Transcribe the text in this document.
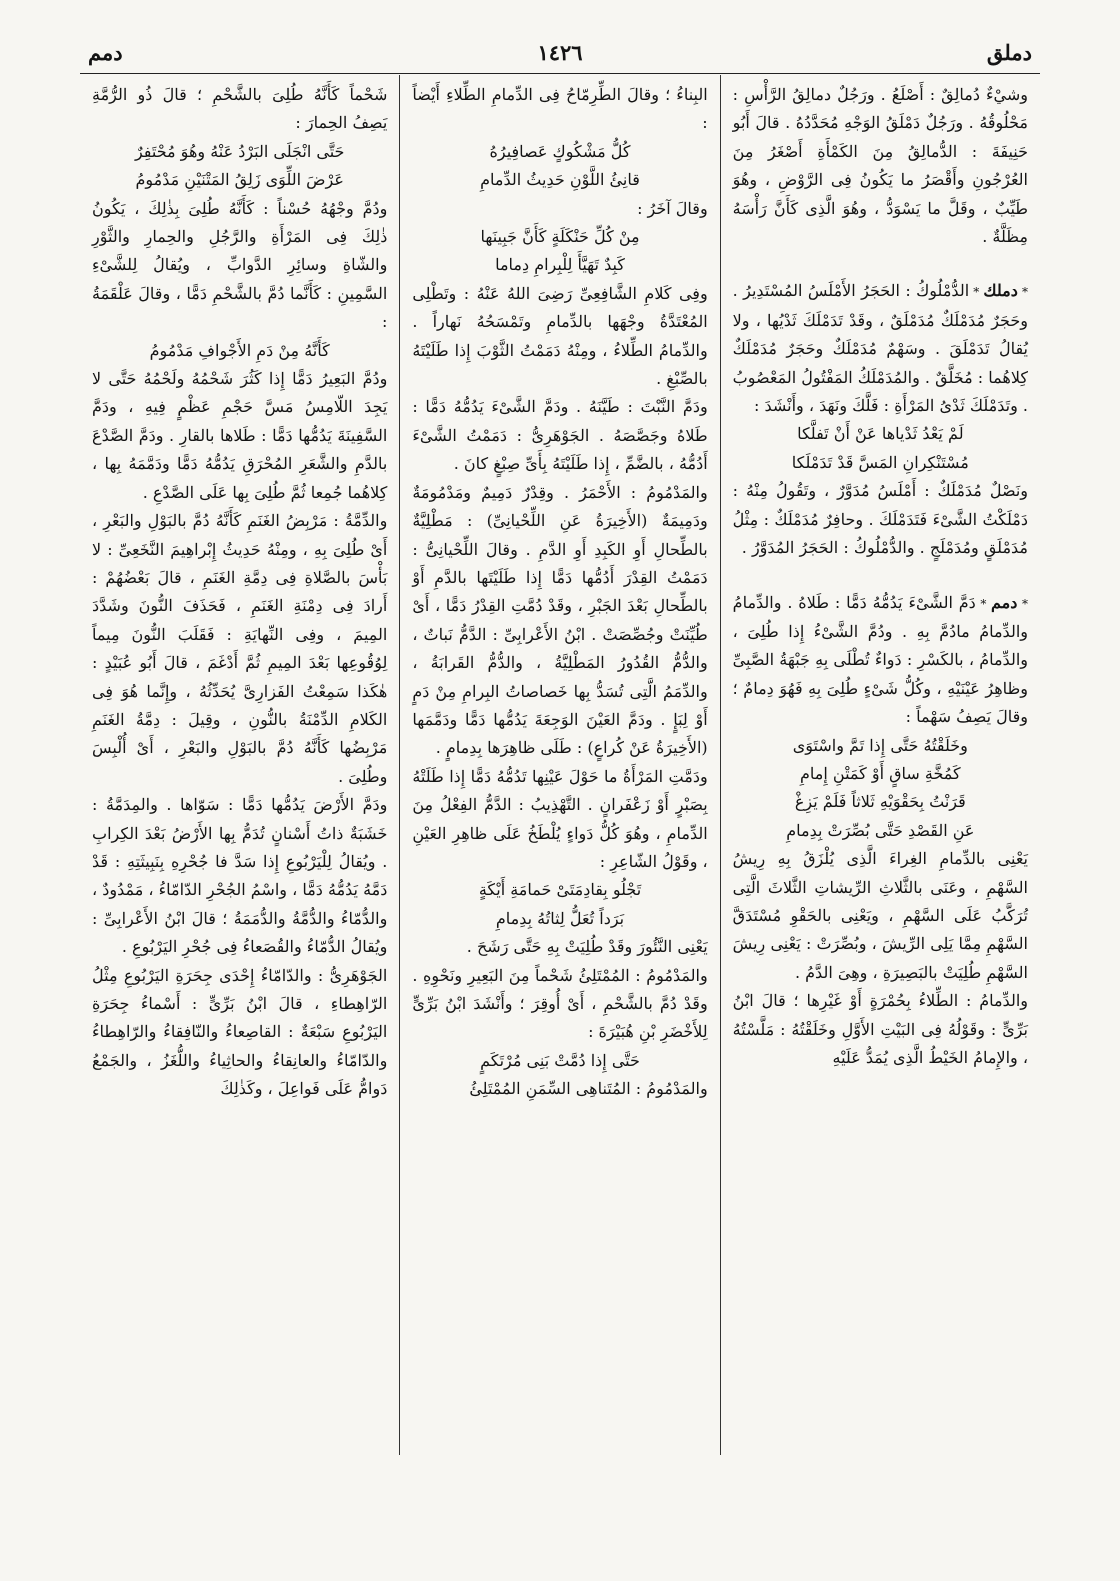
دملق
١٤٢٦
دمم

وشيْءٌ دُمالِقٌ : أَصْلَعُ . ورَجُلٌ دمالِقُ الرَّأْسِ : مَحْلُوقُهُ . ورَجُلٌ دَمْلَقُ الوَجْهِ مُحَدَّدُهُ . قالَ أَبُو حَنِيفَةَ : الدُّمالِقُ مِنَ الكَمْأَةِ أَصْغَرُ مِنَ العُرْجُونِ وأَقْصَرُ ما يَكُونُ فِى الرَّوْضِ ، وهُوَ طَيِّبٌ ، وقَلَّ ما يَسْوَدُّ ، وهُوَ الَّذِى كَأَنَّ رَأْسَهُ مِظَلَّةٌ .

* دملك * الدُّمْلُوكُ : الحَجَرُ الأَمْلَسُ المُسْتَدِيرُ . وحَجَرٌ مُدَمْلَكٌ مُدَمْلَقٌ ، وقَدْ تَدَمْلَكَ ثَدْيُها ، ولا يُقالُ تَدَمْلَقَ . وسَهْمٌ مُدَمْلَكٌ وحَجَرٌ مُدَمْلَكٌ كِلاهُما : مُخَلَّقٌ . والمُدَمْلَكُ المَفْتُولُ المَعْصُوبُ . وتَدَمْلَكَ ثَدْىُ المَرْأَةِ : فَلَّكَ ونَهَدَ ، وأَنْشَدَ :

لَمْ يَعْدُ ثَدْياها عَنْ أَنْ تَفلَّكا

مُسْتَنْكِرانِ المَسَّ قَدْ تَدَمْلَكا

ونَصْلٌ مُدَمْلَكٌ : أَمْلَسُ مُدَوَّرٌ ، وتَقُولُ مِنْهُ : دَمْلَكْتُ الشَّىْءَ فَتَدَمْلَكَ . وحافِرٌ مُدَمْلَكٌ : مِثْلُ مُدَمْلَقٍ ومُدَمْلَجٍ . والدُّمْلُوكُ : الحَجَرُ المُدَوَّرُ .

* دمم * دَمَّ الشَّىْءَ يَدُمُّهُ دَمًّا : طَلاهُ . والدِّمامُ والدِّمامُ مادُمَّ بِهِ . ودُمَّ الشَّىْءُ إِذا طُلِىَ ، والدِّمامُ ، بالكَسْرِ : دَواءٌ تُطْلَى بِهِ جَبْهَةُ الصَّبِىِّ وظاهِرُ عَيْنَيْهِ ، وكُلُّ شَىْءٍ طُلِىَ بِهِ فَهُوَ دِمامٌ ؛ وقالَ يَصِفُ سَهْماً :

وخَلَقْتُهُ حَتَّى إِذا تَمَّ واسْتَوَى

كَمُخَّةِ ساقٍ أَوْ كَمَتْنِ إِمامِ

قَرَنْتُ بِحَقْوَيْهِ ثَلاثاً فَلَمْ يَزِغْ

عَنِ القَصْدِ حَتَّى بُصِّرَتْ بِدِمامِ

يَعْنِى بالدِّمامِ الغِراءَ الَّذِى يُلْزَقُ بِهِ رِيشُ السَّهْمِ ، وعَنَى بالثَّلاثِ الرِّيشاتِ الثَّلاثَ الَّتِى تُرَكَّبُ عَلَى السَّهْمِ ، ويَعْنِى بالحَقْوِ مُسْتَدَقَّ السَّهْمِ مِمَّا يَلِى الرِّيشَ ، وبُصِّرَتْ : يَعْنِى رِيشَ السَّهْمِ طُلِيَتْ بالبَصِيرَةِ ، وهِىَ الدَّمُ .

والدِّمامُ : الطِّلاءُ بِحُمْرَةٍ أَوْ غَيْرِها ؛ قالَ ابْنُ بَرِّىٍّ : وقَوْلُهُ فِى البَيْتِ الأَوَّلِ وخَلَقْتُهُ : مَلَّسْتُهُ ، والإِمامُ الخَيْطُ الَّذِى يُمَدُّ عَلَيْهِ

البِناءُ ؛ وقالَ الطِّرِمّاحُ فِى الدِّمامِ الطِّلاءِ أَيْضاً :

كُلُّ مَشْكُوكٍ عَصافِيرُهُ

قانِئُ اللَّوْنِ حَدِيثُ الدِّمامِ

وقالَ آخَرُ :

مِنْ كُلِّ حَنْكَلَةٍ كَأَنَّ جَبِينَها

كَبِدٌ تَهَيَّأَ لِلْبِرامِ دِماما

وفِى كَلامِ الشَّافِعِىِّ رَضِىَ اللهُ عَنْهُ : وتَطْلِى المُعْتَدَّةُ وجْهَها بالدِّمامِ وتَمْسَحُهُ نَهاراً . والدِّمامُ الطِّلاءُ ، ومِنْهُ دَمَمْتُ الثَّوْبَ إِذا طَلَيْتَهُ بالصِّبْغِ .

ودَمَّ النَّبْتَ : طَيَّنَهُ . ودَمَّ الشَّىْءَ يَدُمُّهُ دَمًّا : طَلاهُ وجَصَّصَهُ . الجَوْهَرِىُّ : دَمَمْتُ الشَّىْءَ أَدُمُّهُ ، بالضَّمِّ ، إِذا طَلَيْتَهُ بِأَىِّ صِبْغٍ كانَ .

والمَدْمُومُ : الأَحْمَرُ . وقِدْرٌ دَمِيمٌ ومَدْمُومَةٌ ودَمِيمَةٌ (الأَخِيرَةُ عَنِ اللِّحْيانِىِّ) : مَطْلِيَّةٌ بالطِّحالِ أَوِ الكَبِدِ أَوِ الدَّمِ . وقالَ اللِّحْيانِىُّ : دَمَمْتُ القِدْرَ أَدُمُّها دَمًّا إِذا طَلَيْتَها بالدَّمِ أَوْ بالطِّحالِ بَعْدَ الجَبْرِ ، وقَدْ دُمَّتِ القِدْرُ دَمًّا ، أَىْ طُيِّنَتْ وجُصِّصَتْ . ابْنُ الأَعْرابِىِّ : الدَّمُّ نَباتٌ ، والدُّمُّ القُدُورُ المَطْلِيَّةُ ، والدُّمُّ القَرابَةُ ، والدِّمَمُ الَّتِى تُسَدُّ بِها خَصاصاتُ البِرامِ مِنْ دَمٍ أَوْ لِبَإٍ . ودَمَّ العَيْنَ الوَجِعَةَ يَدُمُّها دَمًّا ودَمَّمَها (الأَخِيرَةُ عَنْ كُراعٍ) : طَلَى ظاهِرَها بِدِمامٍ .

ودَمَّتِ المَرْأَةُ ما حَوْلَ عَيْنِها تَدُمُّهُ دَمًّا إِذا طَلَتْهُ بِصَبْرٍ أَوْ زَعْفَرانٍ . التَّهْذِيبُ : الدَّمُّ الفِعْلُ مِنَ الدِّمامِ ، وهُوَ كُلُّ دَواءٍ يُلْطَخُ عَلَى ظاهِرِ العَيْنِ ، وقَوْلُ الشّاعِرِ :

تَجْلُو بِقادِمَتَىْ حَمامَةِ أَيْكَةٍ

بَرَداً تُعَلُّ لِثاتُهُ بِدِمامِ

يَعْنِى النَّئُورَ وقَدْ طُلِيَتْ بِهِ حَتَّى رَشَحَ .

والمَدْمُومُ : المُمْتَلِئُ شَحْماً مِنَ البَعِيرِ ونَحْوِهِ . وقَدْ دُمَّ بالشَّحْمِ ، أَىْ أُوقِرَ ؛ وأَنْشَدَ ابْنُ بَرِّىٍّ لِلأَخْضَرِ بْنِ هُبَيْرَةَ :

حَتَّى إِذا دُمَّتْ بَنِى مُرْتَكَمٍ

والمَدْمُومُ : المُتَناهِى السِّمَنِ المُمْتَلِئُ

شَحْماً كَأَنَّهُ طُلِىَ بالشَّحْمِ ؛ قالَ ذُو الرُّمَّةِ يَصِفُ الحِمارَ :

حَتَّى انْجَلَى البَرْدُ عَنْهُ وهُوَ مُحْتَفِرٌ

عَرْضَ اللِّوَى زَلِقُ المَتْنَيْنِ مَدْمُومُ

ودُمَّ وجْهُهُ حُسْناً : كَأَنَّهُ طُلِىَ بِذٰلِكَ ، يَكُونُ ذٰلِكَ فِى المَرْأَةِ والرَّجُلِ والحِمارِ والثَّوْرِ والشّاةِ وسائِرِ الدَّوابِّ ، ويُقالُ لِلشَّىْءِ السَّمِينِ : كَأَنَّما دُمَّ بالشَّحْمِ دَمًّا ، وقالَ عَلْقَمَةُ :

كَأَنَّهُ مِنْ دَمِ الأَجْوافِ مَدْمُومُ

ودُمَّ البَعِيرُ دَمًّا إِذا كَثُرَ شَحْمُهُ ولَحْمُهُ حَتَّى لا يَجِدَ اللّامِسُ مَسَّ حَجْمِ عَظْمٍ فِيهِ ، ودَمَّ السَّفِينَةَ يَدُمُّها دَمًّا : طَلاها بالقارِ . ودَمَّ الصَّدْعَ بالدَّمِ والشَّعَرِ المُحْرَقِ يَدُمُّهُ دَمًّا ودَمَّمَهُ بِها ، كِلاهُما جُمِعا ثُمَّ طُلِىَ بِها عَلَى الصَّدْعِ .

والدِّمَّةُ : مَرْبِضُ الغَنَمِ كَأَنَّهُ دُمَّ بالبَوْلِ والبَعْرِ ، أَىْ طُلِىَ بِهِ ، ومِنْهُ حَدِيثُ إِبْراهِيمَ النَّخَعِىِّ : لا بَأْسَ بالصَّلاةِ فِى دِمَّةِ الغَنَمِ ، قالَ بَعْضُهُمْ : أَرادَ فِى دِمْنَةِ الغَنَمِ ، فَحَذَفَ النُّونَ وشَدَّدَ المِيمَ ، وفِى النِّهايَةِ : فَقَلَبَ النُّونَ مِيماً لِوُقُوعِها بَعْدَ المِيمِ ثُمَّ أَدْغَمَ ، قالَ أَبُو عُبَيْدٍ : هٰكَذا سَمِعْتُ الفَزارِىَّ يُحَدِّثُهُ ، وإِنَّما هُوَ فِى الكَلامِ الدِّمْنَةُ بالنُّونِ ، وقِيلَ : دِمَّةُ الغَنَمِ مَرْبِضُها كَأَنَّهُ دُمَّ بالبَوْلِ والبَعْرِ ، أَىْ أُلْبِسَ وطُلِىَ .

ودَمَّ الأَرْضَ يَدُمُّها دَمًّا : سَوّاها . والمِدَمَّةُ : خَشَبَةٌ ذاتُ أَسْنانٍ تُدَمُّ بِها الأَرْضُ بَعْدَ الكِرابِ . ويُقالُ لِلْيَرْبُوعِ إِذا سَدَّ فا جُحْرِهِ بِنَبِيثَتِهِ : قَدْ دَمَّهُ يَدُمُّهُ دَمًّا ، واسْمُ الجُحْرِ الدّامّاءُ ، مَمْدُودٌ ، والدُّمّاءُ والدُّمَّةُ والدُّمَمَةُ ؛ قالَ ابْنُ الأَعْرابِىِّ : ويُقالُ الدُّمّاءُ والقُصَعاءُ فِى جُحْرِ اليَرْبُوعِ .

الجَوْهَرِىُّ : والدّامّاءُ إِحْدَى جِحَرَةِ اليَرْبُوعِ مِثْلُ الرّاهِطاءِ ، قالَ ابْنُ بَرِّىٍّ : أَسْماءُ جِحَرَةِ اليَرْبُوعِ سَبْعَةٌ : القاصِعاءُ والنّافِقاءُ والرّاهِطاءُ والدّامّاءُ والعانِقاءُ والحاثِياءُ واللُّغَزُ ، والجَمْعُ دَوامُّ عَلَى فَواعِلَ ، وكَذٰلِكَ
